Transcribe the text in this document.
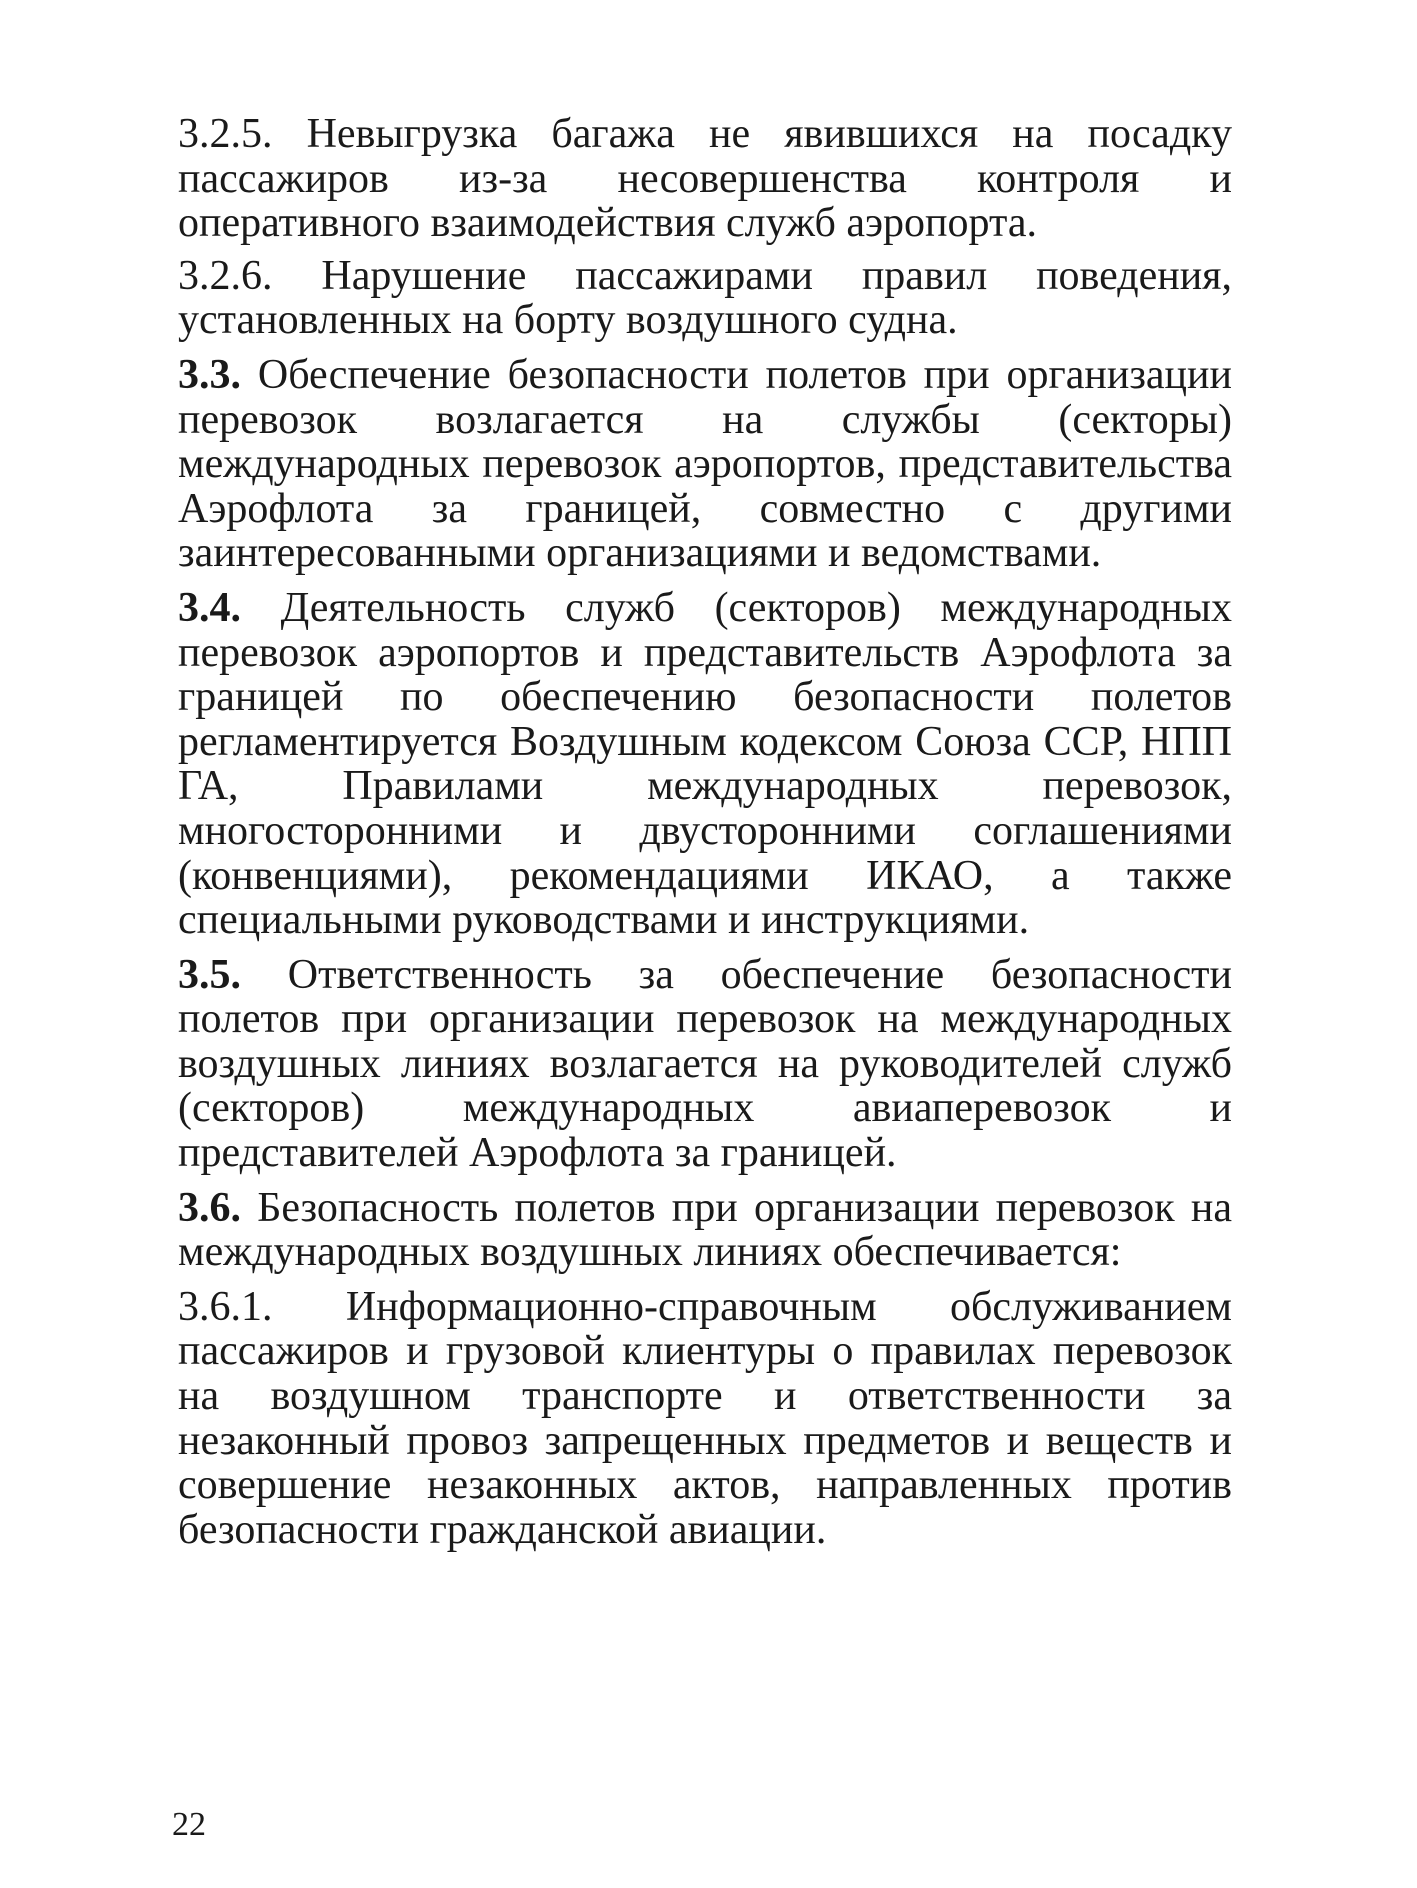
3.2.5. Невыгрузка багажа не явившихся на посадку пассажиров из-за несовершенства контроля и оперативного взаимодействия служб аэропорта.

3.2.6. Нарушение пассажирами правил поведения, установленных на борту воздушного судна.

3.3. Обеспечение безопасности полетов при организации перевозок возлагается на службы (секторы) международных перевозок аэропортов, представительства Аэрофлота за границей, совместно с другими заинтересованными организациями и ведомствами.

3.4. Деятельность служб (секторов) международных перевозок аэропортов и представительств Аэрофлота за границей по обеспечению безопасности полетов регламентируется Воздушным кодексом Союза ССР, НПП ГА, Правилами международных перевозок, многосторонними и двусторонними соглашениями (конвенциями), рекомендациями ИКАО, а также специальными руководствами и инструкциями.

3.5. Ответственность за обеспечение безопасности полетов при организации перевозок на международных воздушных линиях возлагается на руководителей служб (секторов) международных авиаперевозок и представителей Аэрофлота за границей.

3.6. Безопасность полетов при организации перевозок на международных воздушных линиях обеспечивается:

3.6.1. Информационно-справочным обслуживанием пассажиров и грузовой клиентуры о правилах перевозок на воздушном транспорте и ответственности за незаконный провоз запрещенных предметов и веществ и совершение незаконных актов, направленных против безопасности гражданской авиации.

22
